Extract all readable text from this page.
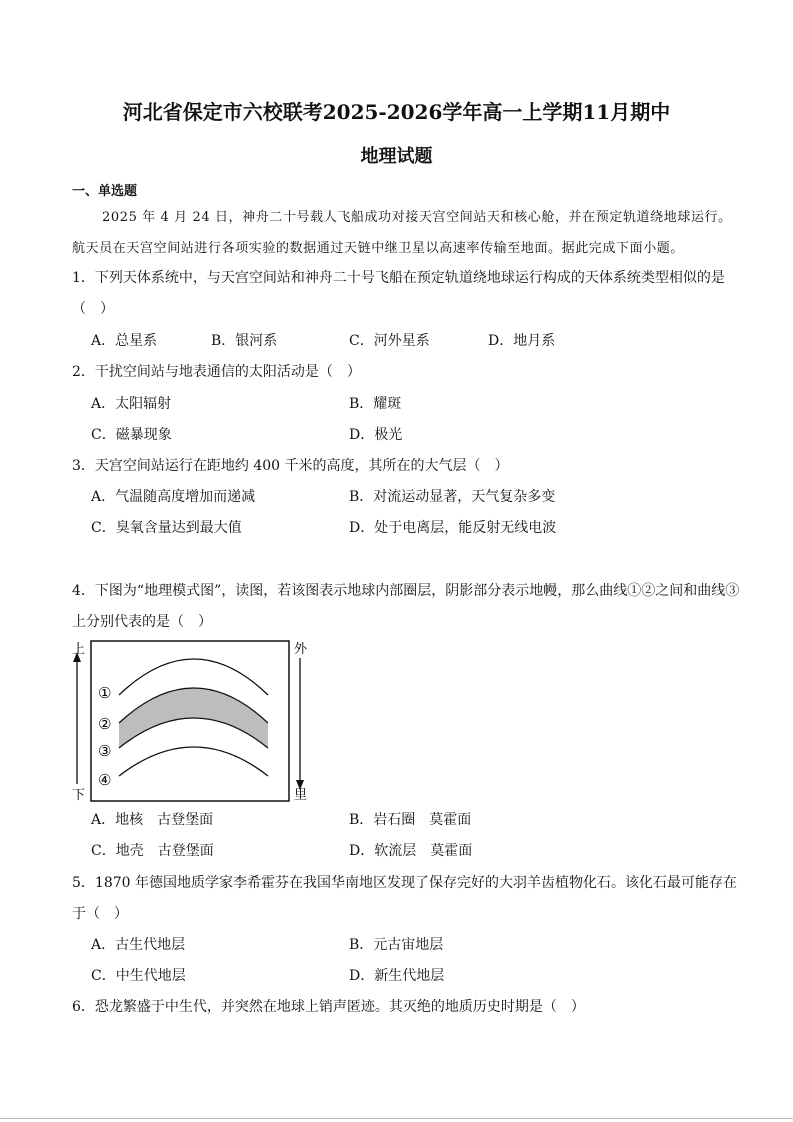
河北省保定市六校联考2025-2026学年高一上学期11月期中
地理试题
一、单选题
2025 年 4 月 24 日，神舟二十号载人飞船成功对接天宫空间站天和核心舱，并在预定轨道绕地球运行。
航天员在天宫空间站进行各项实验的数据通过天链中继卫星以高速率传输至地面。据此完成下面小题。
1．下列天体系统中，与天宫空间站和神舟二十号飞船在预定轨道绕地球运行构成的天体系统类型相似的是
（　）
A．总星系	B．银河系	C．河外星系	D．地月系
2．干扰空间站与地表通信的太阳活动是（　）
A．太阳辐射	B．耀斑
C．磁暴现象	D．极光
3．天宫空间站运行在距地约 400 千米的高度，其所在的大气层（　）
A．气温随高度增加而递减	B．对流运动显著，天气复杂多变
C．臭氧含量达到最大值	D．处于电离层，能反射无线电波
4．下图为“地理模式图”，读图，若该图表示地球内部圈层，阴影部分表示地幔，那么曲线①②之间和曲线③
上分别代表的是（　）
上
下
外
里
①
②
③
④
A．地核　古登堡面	B．岩石圈　莫霍面
C．地壳　古登堡面	D．软流层　莫霍面
5．1870 年德国地质学家李希霍芬在我国华南地区发现了保存完好的大羽羊齿植物化石。该化石最可能存在
于（　）
A．古生代地层	B．元古宙地层
C．中生代地层	D．新生代地层
6．恐龙繁盛于中生代，并突然在地球上销声匿迹。其灭绝的地质历史时期是（　）
